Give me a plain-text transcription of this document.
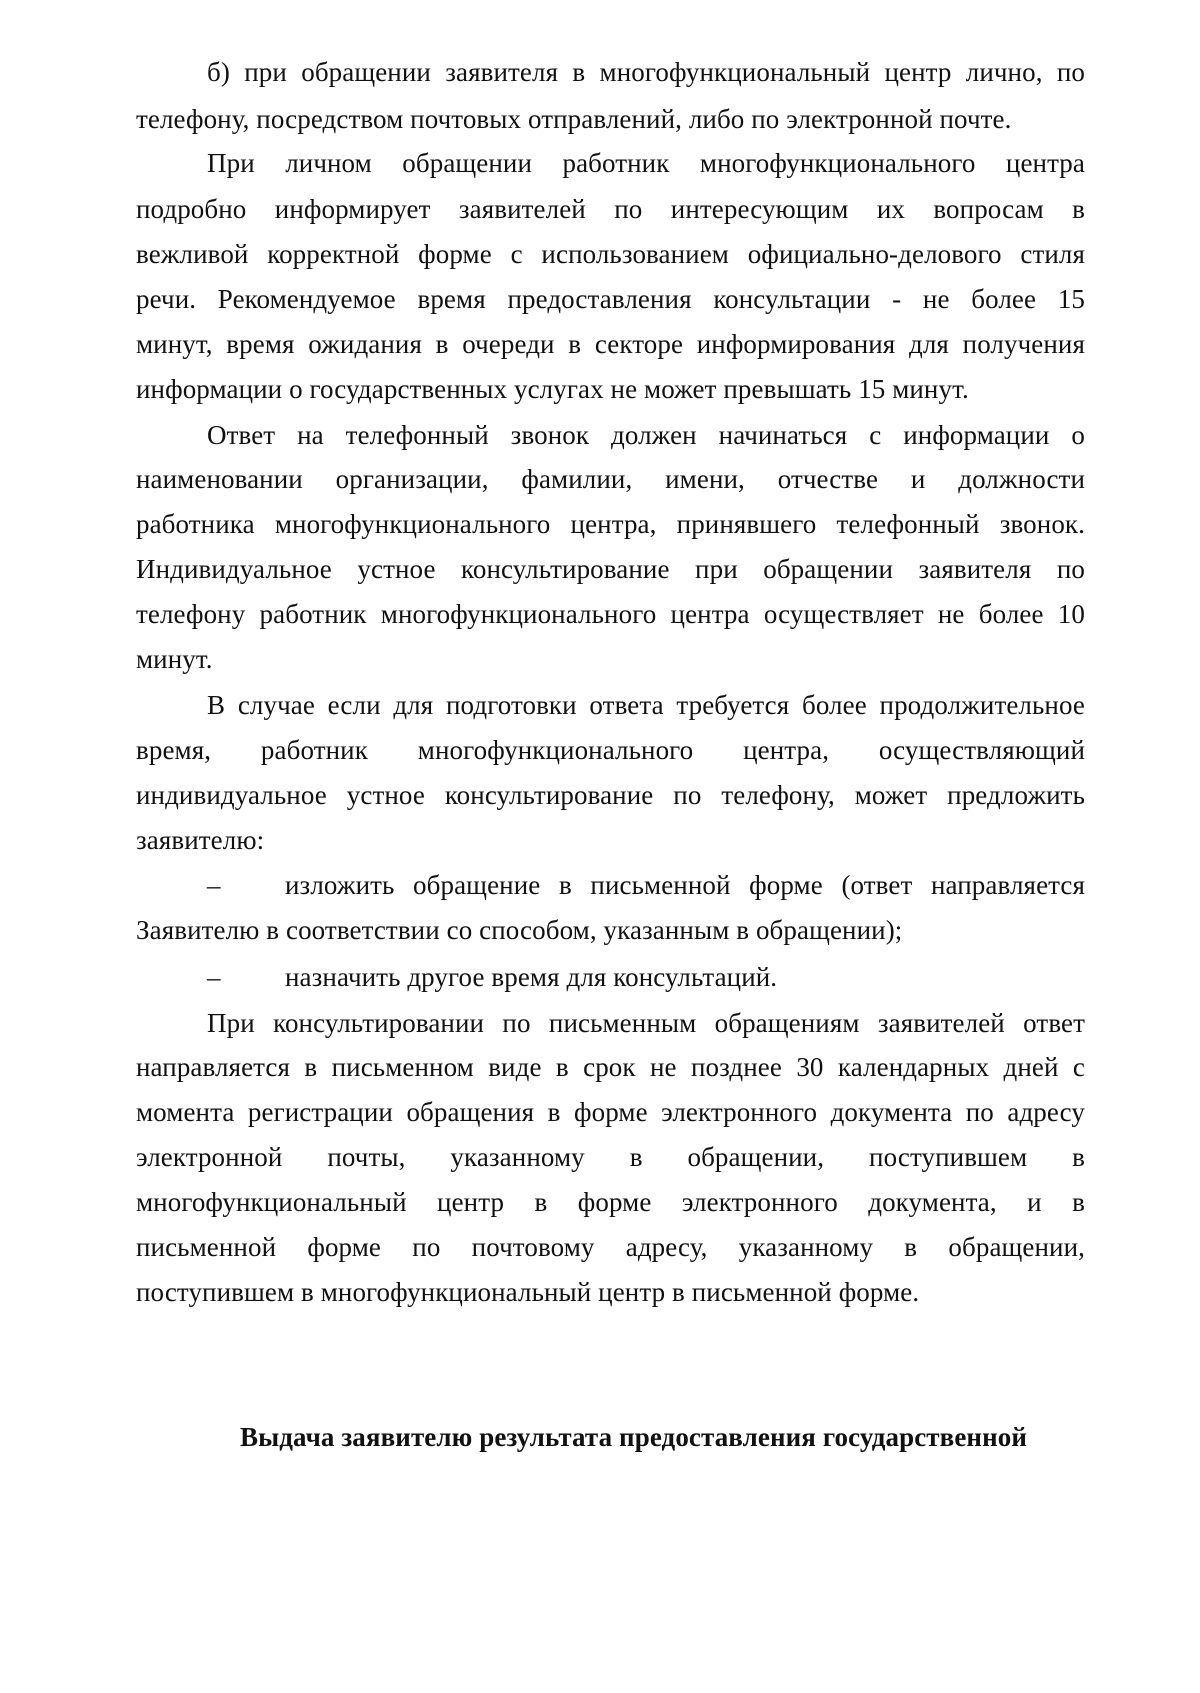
б) при обращении заявителя в многофункциональный центр лично, по
телефону, посредством почтовых отправлений, либо по электронной почте.
При личном обращении работник многофункционального центра
подробно информирует заявителей по интересующим их вопросам в
вежливой корректной форме с использованием официально-делового стиля
речи. Рекомендуемое время предоставления консультации - не более 15
минут, время ожидания в очереди в секторе информирования для получения
информации о государственных услугах не может превышать 15 минут.
Ответ на телефонный звонок должен начинаться с информации о
наименовании организации, фамилии, имени, отчестве и должности
работника многофункционального центра, принявшего телефонный звонок.
Индивидуальное устное консультирование при обращении заявителя по
телефону работник многофункционального центра осуществляет не более 10
минут.
В случае если для подготовки ответа требуется более продолжительное
время, работник многофункционального центра, осуществляющий
индивидуальное устное консультирование по телефону, может предложить
заявителю:
–	изложить обращение в письменной форме (ответ направляется
Заявителю в соответствии со способом, указанным в обращении);
–	назначить другое время для консультаций.
При консультировании по письменным обращениям заявителей ответ
направляется в письменном виде в срок не позднее 30 календарных дней с
момента регистрации обращения в форме электронного документа по адресу
электронной почты, указанному в обращении, поступившем в
многофункциональный центр в форме электронного документа, и в
письменной форме по почтовому адресу, указанному в обращении,
поступившем в многофункциональный центр в письменной форме.
Выдача заявителю результата предоставления государственной
